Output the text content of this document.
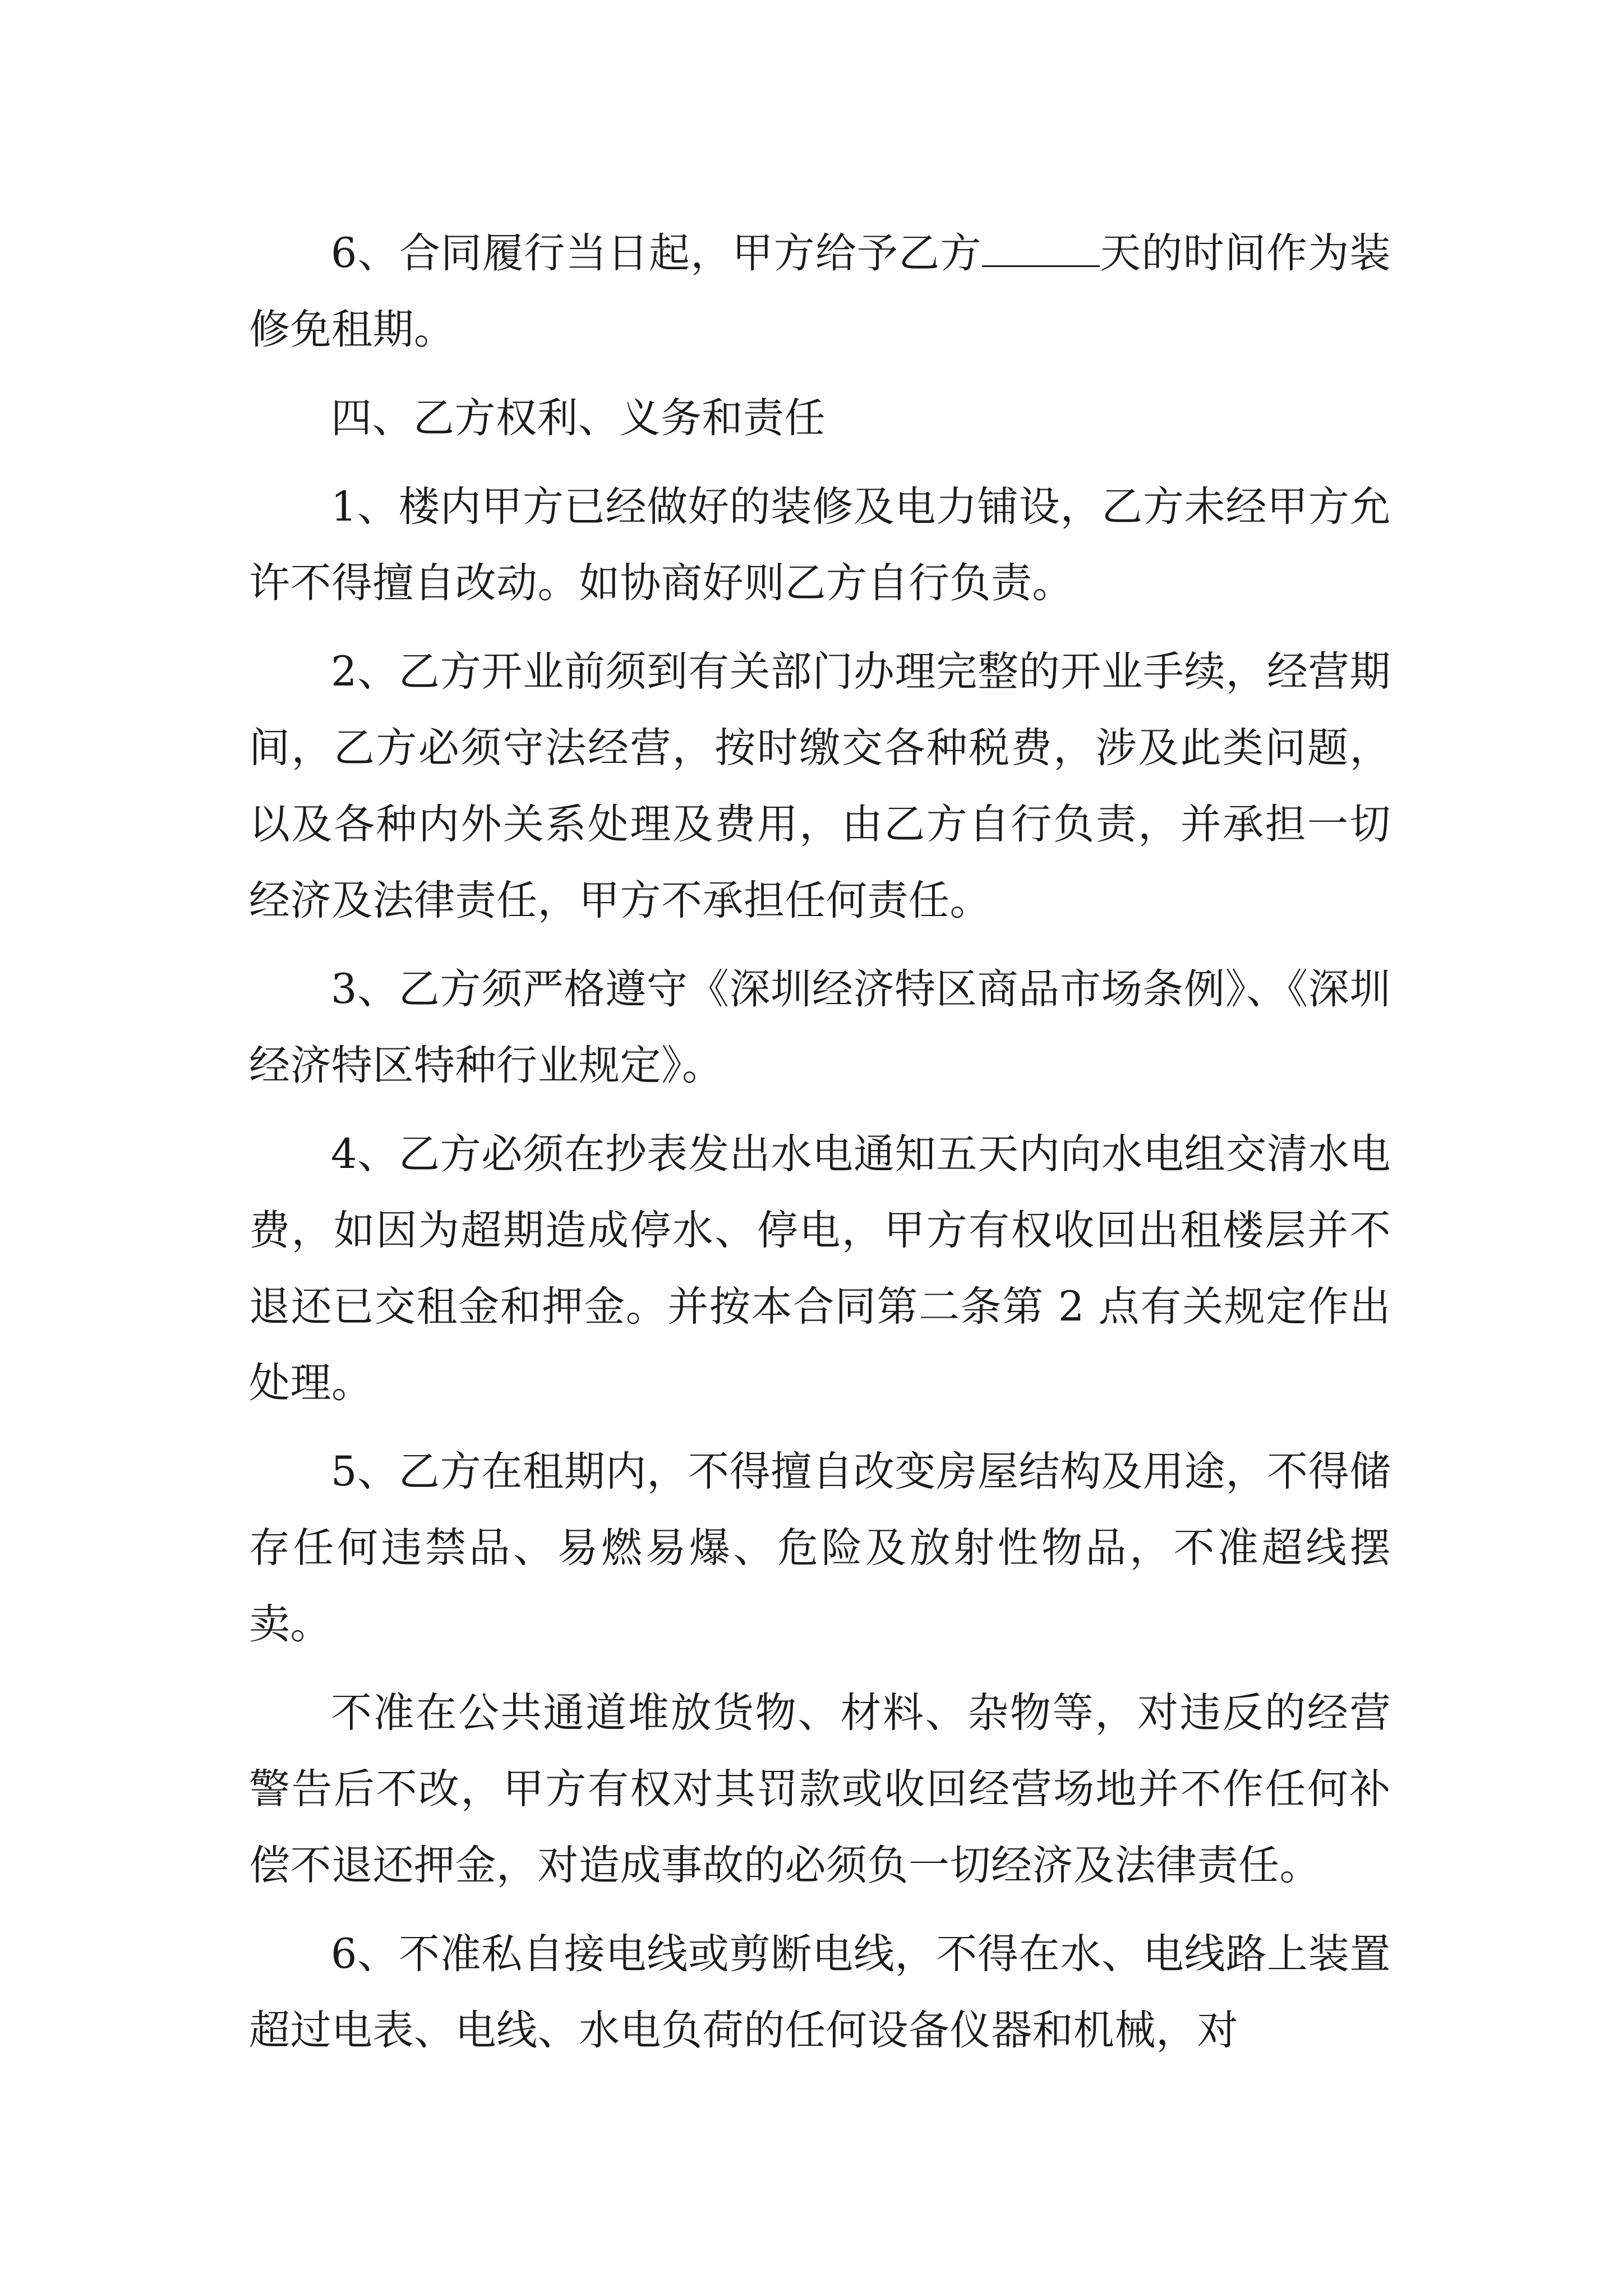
6、合同履行当日起，甲方给予乙方	天的时间作为装修免租期。

四、乙方权利、义务和责任

1、楼内甲方已经做好的装修及电力铺设，乙方未经甲方允许不得擅自改动。如协商好则乙方自行负责。

2、乙方开业前须到有关部门办理完整的开业手续，经营期间，乙方必须守法经营，按时缴交各种税费，涉及此类问题，以及各种内外关系处理及费用，由乙方自行负责，并承担一切经济及法律责任，甲方不承担任何责任。

3、乙方须严格遵守《深圳经济特区商品市场条例》、《深圳经济特区特种行业规定》。

4、乙方必须在抄表发出水电通知五天内向水电组交清水电费，如因为超期造成停水、停电，甲方有权收回出租楼层并不退还已交租金和押金。并按本合同第二条第 2 点有关规定作出处理。

5、乙方在租期内，不得擅自改变房屋结构及用途，不得储存任何违禁品、易燃易爆、危险及放射性物品，不准超线摆卖。

不准在公共通道堆放货物、材料、杂物等，对违反的经营警告后不改，甲方有权对其罚款或收回经营场地并不作任何补偿不退还押金，对造成事故的必须负一切经济及法律责任。

6、不准私自接电线或剪断电线，不得在水、电线路上装置超过电表、电线、水电负荷的任何设备仪器和机械，对
